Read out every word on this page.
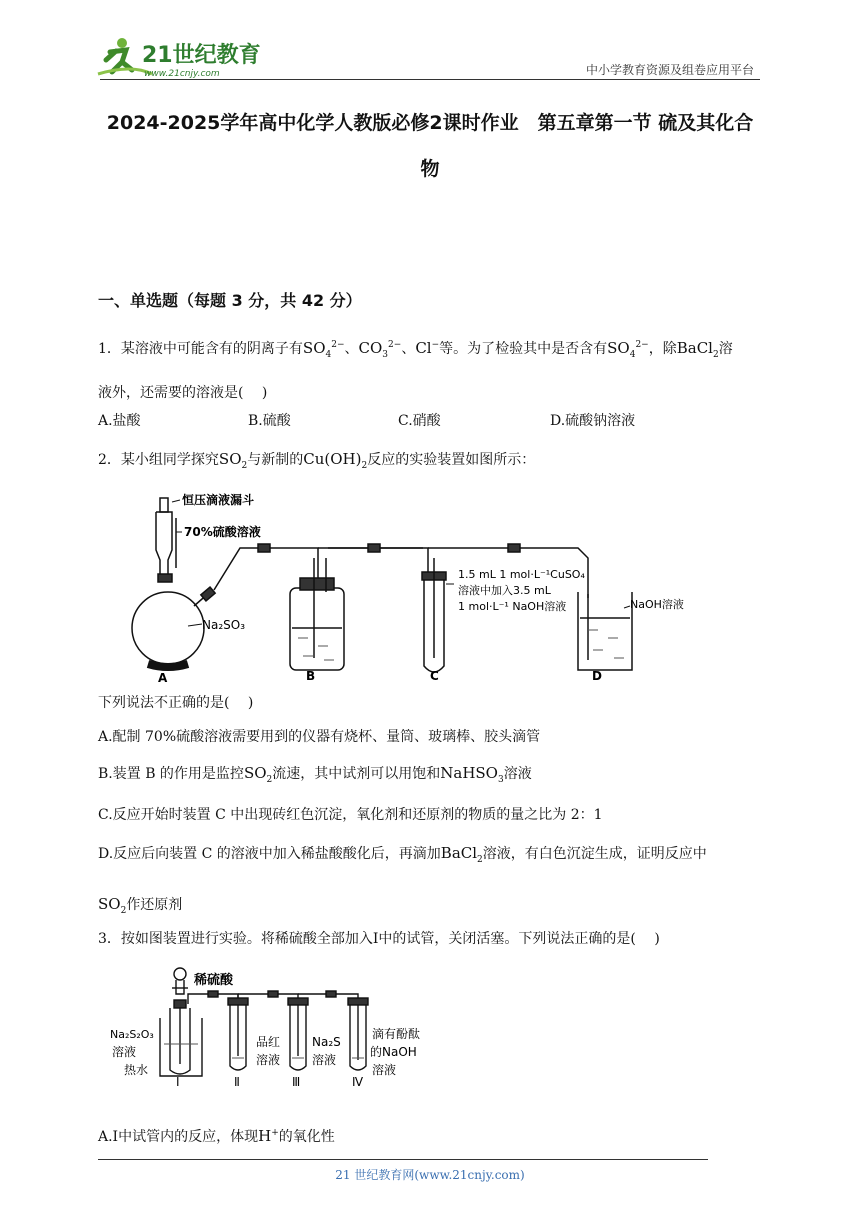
21世纪教育
www.21cnjy.com	中小学教育资源及组卷应用平台
2024-2025学年高中化学人教版必修2课时作业　第五章第一节 硫及其化合
物
一、单选题（每题 3 分，共 42 分）
1．某溶液中可能含有的阴离子有$SO_4^{2-}$、$CO_3^{2-}$、Cl−等。为了检验其中是否含有$SO_4^{2-}$，除BaCl$_2$溶
液外，还需要的溶液是(　 )
A.盐酸	B.硫酸	C.硝酸	D.硫酸钠溶液
2．某小组同学探究$SO_2$与新制的$Cu(OH)_2$反应的实验装置如图所示：
恒压滴液漏斗
70%硫酸溶液
Na₂SO₃
1.5 mL 1 mol·L⁻¹CuSO₄
溶液中加入3.5 mL
1 mol·L⁻¹ NaOH溶液	NaOH溶液
A	B	C	D
下列说法不正确的是(　 )
A.配制 70%硫酸溶液需要用到的仪器有烧杯、量筒、玻璃棒、胶头滴管
B.装置 B 的作用是监控$SO_2$流速，其中试剂可以用饱和NaHSO$_3$溶液
C.反应开始时装置 C 中出现砖红色沉淀，氧化剂和还原剂的物质的量之比为 2：1
D.反应后向装置 C 的溶液中加入稀盐酸酸化后，再滴加BaCl$_2$溶液，有白色沉淀生成，证明反应中
$SO_2$作还原剂
3．按如图装置进行实验。将稀硫酸全部加入Ⅰ中的试管，关闭活塞。下列说法正确的是(　 )
稀硫酸
Na₂S₂O₃
溶液
热水
品红
溶液
Na₂S
溶液
滴有酚酞
的NaOH
溶液
Ⅰ	Ⅱ	Ⅲ	Ⅳ
A.Ⅰ中试管内的反应，体现H+的氧化性
21 世纪教育网(www.21cnjy.com)
